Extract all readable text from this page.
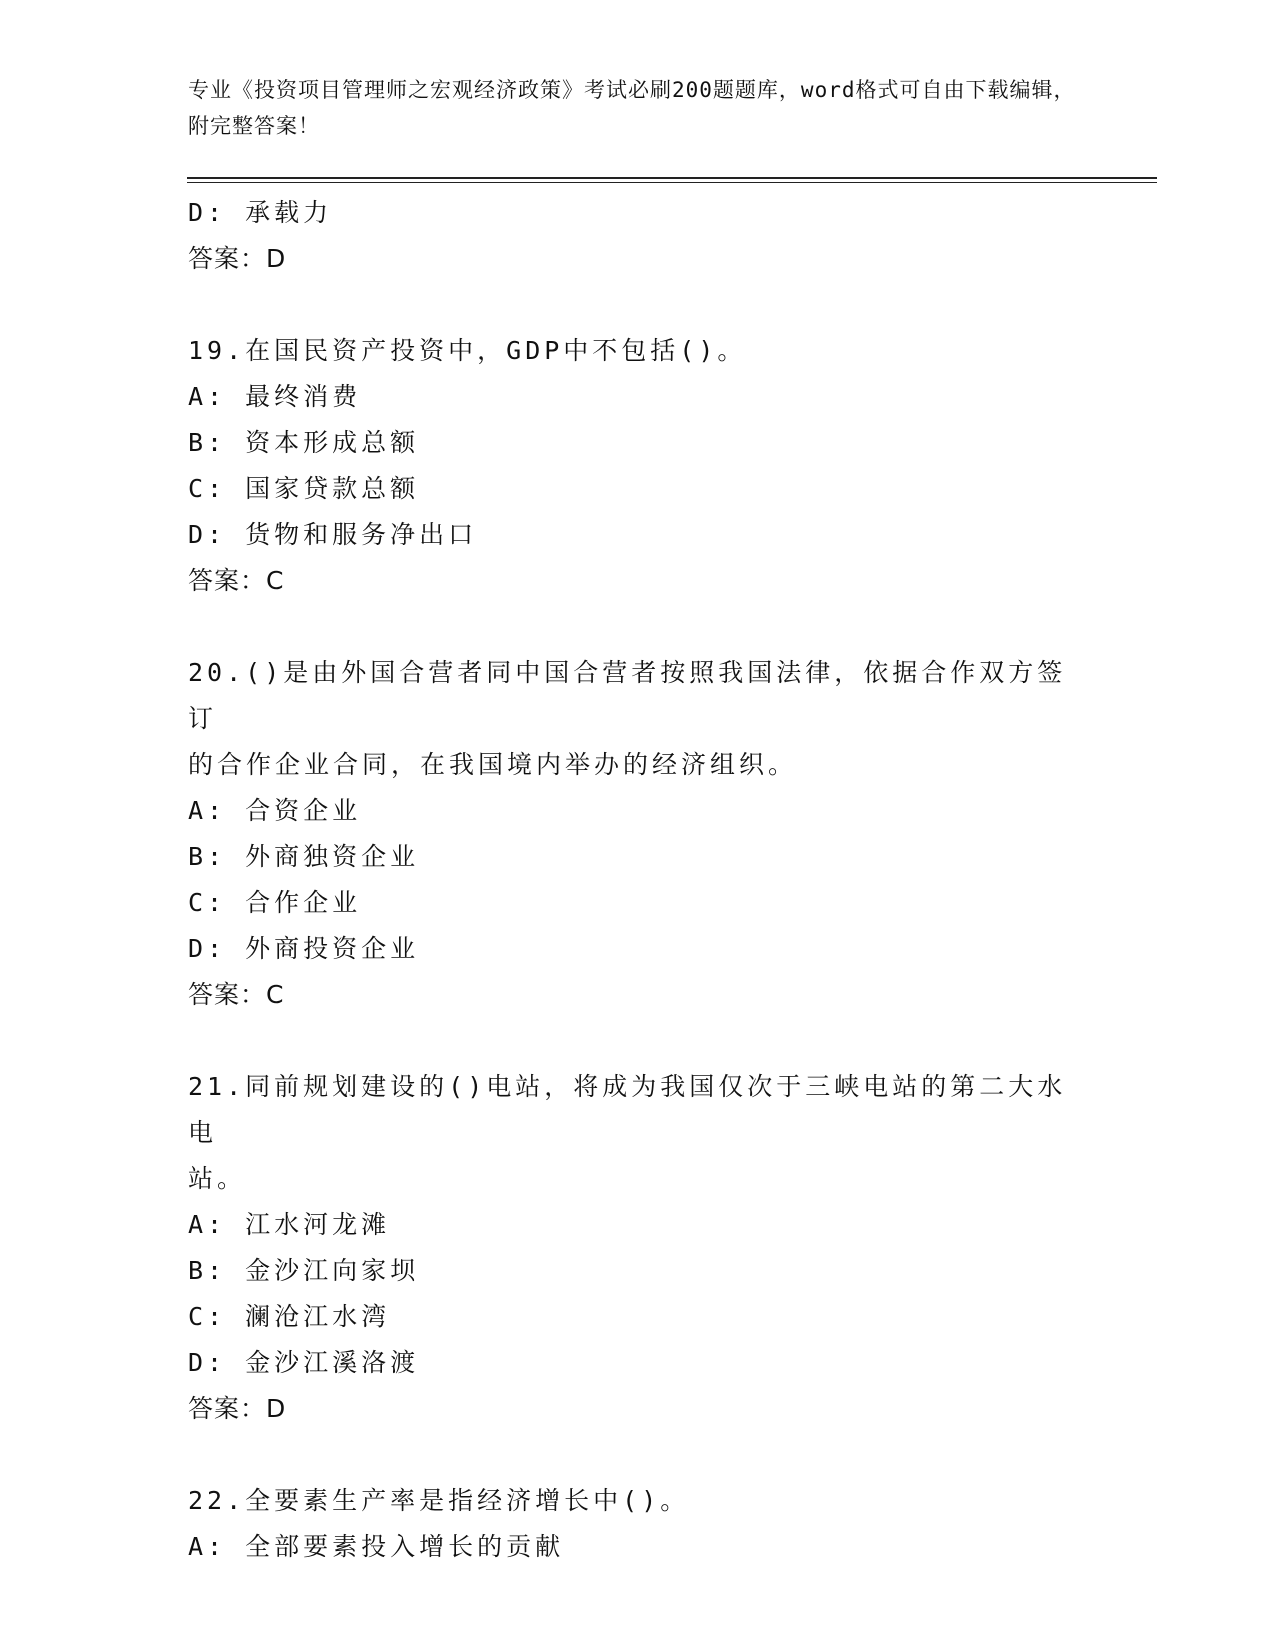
专业《投资项目管理师之宏观经济政策》考试必刷200题题库，word格式可自由下载编辑，附完整答案！
D: 承载力
答案：D
19.在国民资产投资中，GDP中不包括()。
A: 最终消费
B: 资本形成总额
C: 国家贷款总额
D: 货物和服务净出口
答案：C
20.()是由外国合营者同中国合营者按照我国法律，依据合作双方签订
的合作企业合同，在我国境内举办的经济组织。
A: 合资企业
B: 外商独资企业
C: 合作企业
D: 外商投资企业
答案：C
21.同前规划建设的()电站，将成为我国仅次于三峡电站的第二大水电
站。
A: 江水河龙滩
B: 金沙江向家坝
C: 澜沧江水湾
D: 金沙江溪洛渡
答案：D
22.全要素生产率是指经济增长中()。
A: 全部要素投入增长的贡献
